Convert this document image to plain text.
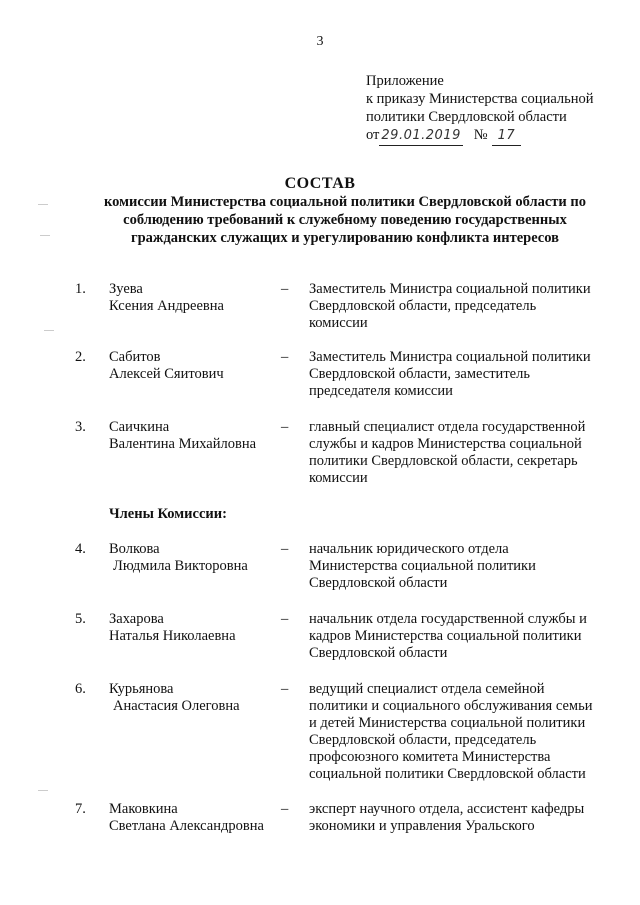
3
Приложение
к приказу Министерства социальной
политики Свердловской области
от 29.01.2019 № 17
СОСТАВ
комиссии Министерства социальной политики Свердловской области по
соблюдению требований к служебному поведению государственных
гражданских служащих и урегулированию конфликта интересов
1. Зуева
Ксения Андреевна
– Заместитель Министра социальной политики
Свердловской области, председатель
комиссии
2. Сабитов
Алексей Сяитович
– Заместитель Министра социальной политики
Свердловской области, заместитель
председателя комиссии
3. Саичкина
Валентина Михайловна
– главный специалист отдела государственной
службы и кадров Министерства социальной
политики Свердловской области, секретарь
комиссии
4. Волкова
Людмила Викторовна
– начальник юридического отдела
Министерства социальной политики
Свердловской области
5. Захарова
Наталья Николаевна
– начальник отдела государственной службы и
кадров Министерства социальной политики
Свердловской области
6. Курьянова
Анастасия Олеговна
– ведущий специалист отдела семейной
политики и социального обслуживания семьи
и детей Министерства социальной политики
Свердловской области, председатель
профсоюзного комитета Министерства
социальной политики Свердловской области
7. Маковкина
Светлана Александровна
– эксперт научного отдела, ассистент кафедры
экономики и управления Уральского
Члены Комиссии:
